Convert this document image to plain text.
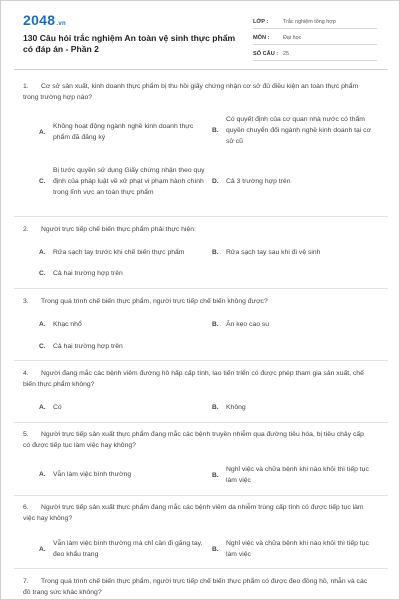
2048.vn
130 Câu hỏi trắc nghiệm An toàn vệ sinh thực phẩm có đáp án - Phần 2
LỚP :	Trắc nghiệm tổng hợp
MÔN :	Đại học
SỐ CÂU : 25
1. Cơ sở sản xuất, kinh doanh thực phẩm bị thu hồi giấy chứng nhận cơ sở đủ điều kiện an toàn thực phẩm trong trường hợp nào?
A.
Không hoạt động ngành nghề kinh doanh thực phẩm đã đăng ký
B.
Có quyết định của cơ quan nhà nước có thẩm quyền chuyển đổi ngành nghề kinh doanh tại cơ sở cũ
C.
Bị tước quyền sử dụng Giấy chứng nhận theo quy định của pháp luật về xử phạt vi phạm hành chính trong lĩnh vực an toàn thực phẩm
D.	Cả 3 trường hợp trên
2. Người trực tiếp chế biến thực phẩm phải thực hiện:
A.	Rửa sạch tay trước khi chế biến thực phẩm	B.	Rửa sạch tay sau khi đi vệ sinh
C.	Cả hai trường hợp trên
3. Trong quá trình chế biến thực phẩm, người trực tiếp chế biến không được?
A.	Khạc nhổ	B.	Ăn kẹo cao su
C.	Cả hai trường hợp trên
4. Người đang mắc các bệnh viêm đường hô hấp cấp tính, lao tiến triển có được phép tham gia sản xuất, chế biến thực phẩm không?
A.	Có	B.	Không
5. Người trực tiếp sản xuất thực phẩm đang mắc các bệnh truyền nhiễm qua đường tiêu hóa, bị tiêu chảy cấp có được tiếp tục làm việc hay không?
A.	Vẫn làm việc bình thường	B.
Nghỉ việc và chữa bệnh khi nào khỏi thì tiếp tục làm việc
6. Người trực tiếp sản xuất thực phẩm đang mắc các bệnh viêm da nhiễm trùng cấp tính có được tiếp tục làm việc hay không?
A.
Vẫn làm việc bình thường mà chỉ cần đi găng tay, đeo khẩu trang
B.
Nghỉ việc và chữa bệnh khi nào khỏi thì tiếp tục làm việc
7. Trong quá trình chế biến thực phẩm, người trực tiếp chế biến thực phẩm có được đeo đồng hồ, nhẫn và các đồ trang sức khác không?
